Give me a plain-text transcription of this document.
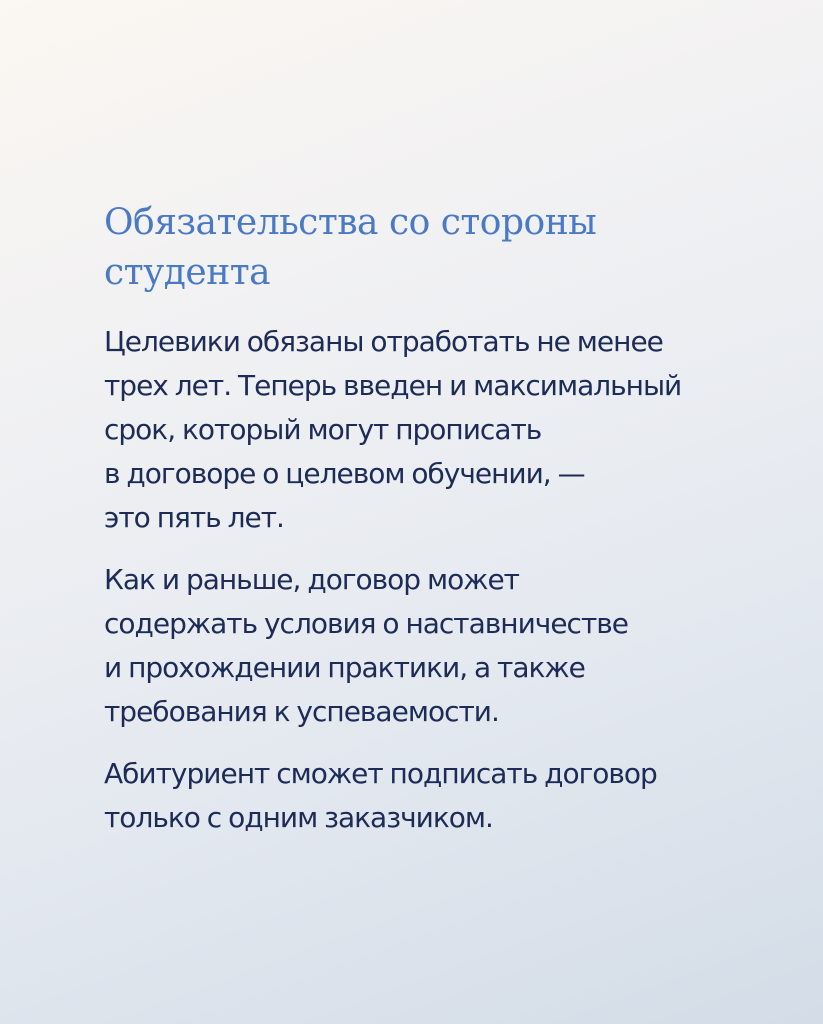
Обязательства со стороны
студента

Целевики обязаны отработать не менее
трех лет. Теперь введен и максимальный
срок, который могут прописать
в договоре о целевом обучении, —
это пять лет.

Как и раньше, договор может
содержать условия о наставничестве
и прохождении практики, а также
требования к успеваемости.

Абитуриент сможет подписать договор
только с одним заказчиком.
